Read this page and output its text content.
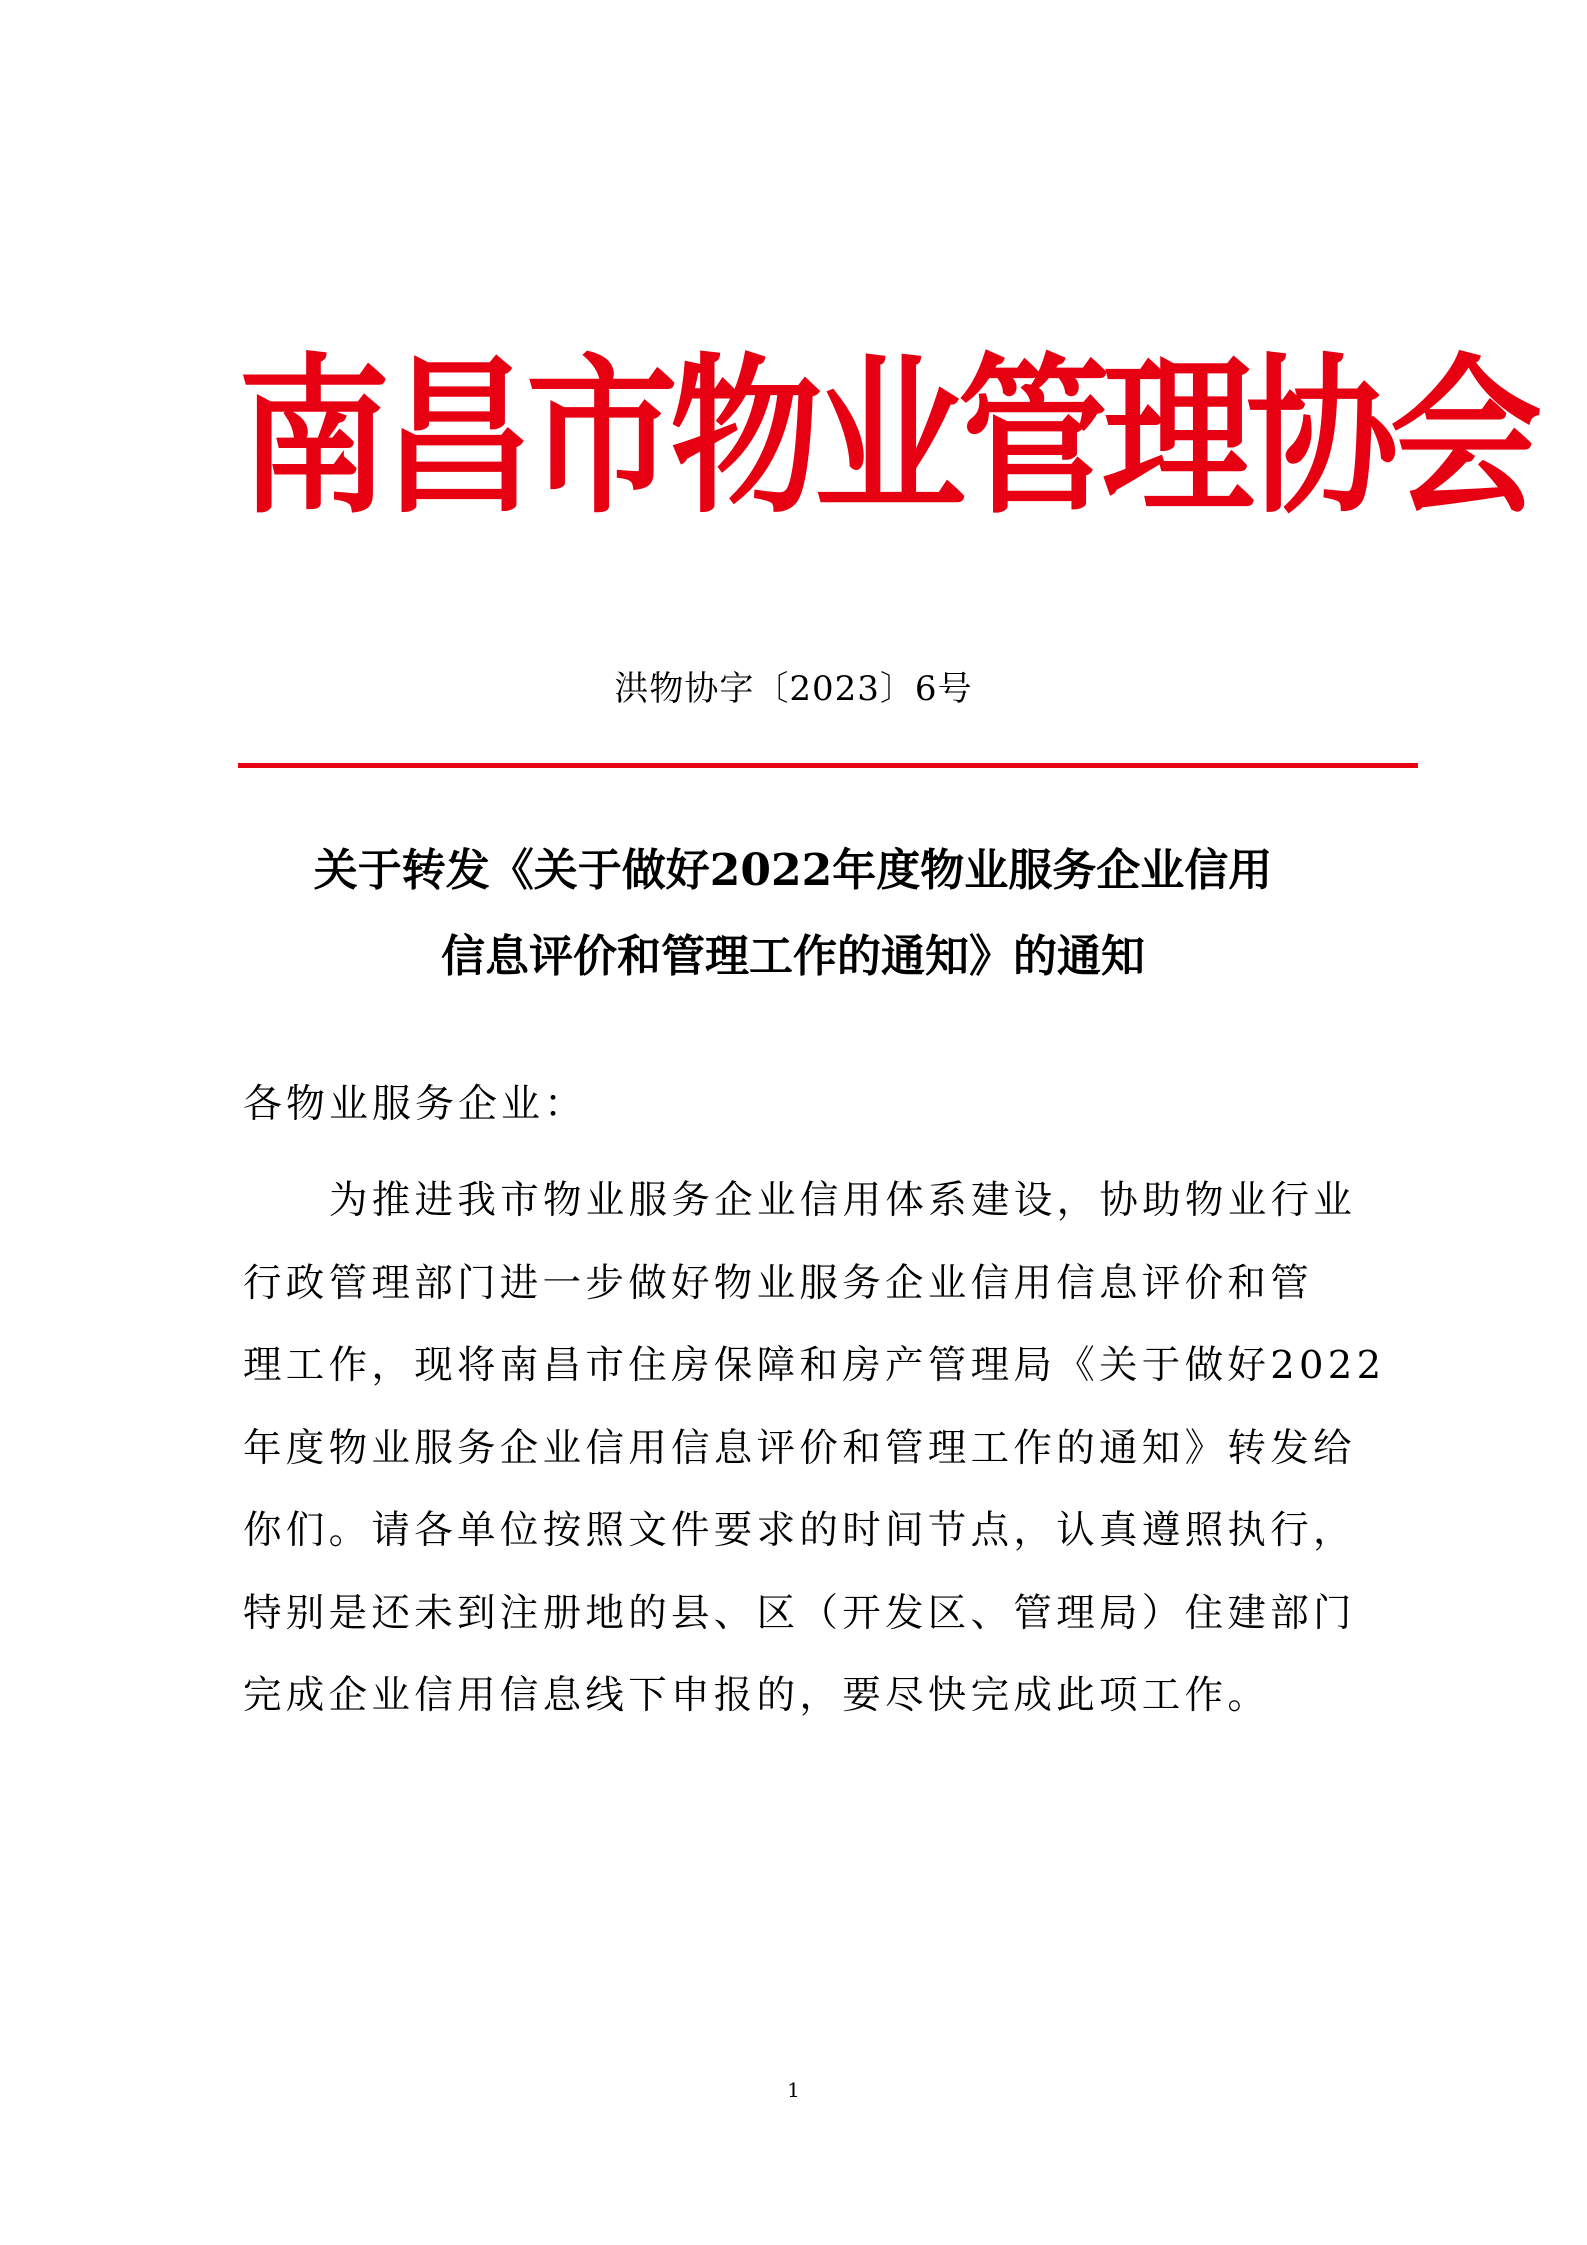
南昌市物业管理协会
洪物协字〔2023〕6号
关于转发《关于做好2022年度物业服务企业信用
信息评价和管理工作的通知》的通知
各物业服务企业：
为推进我市物业服务企业信用体系建设，协助物业行业
行政管理部门进一步做好物业服务企业信用信息评价和管
理工作，现将南昌市住房保障和房产管理局《关于做好2022
年度物业服务企业信用信息评价和管理工作的通知》转发给
你们。请各单位按照文件要求的时间节点，认真遵照执行，
特别是还未到注册地的县、区（开发区、管理局）住建部门
完成企业信用信息线下申报的，要尽快完成此项工作。
1
